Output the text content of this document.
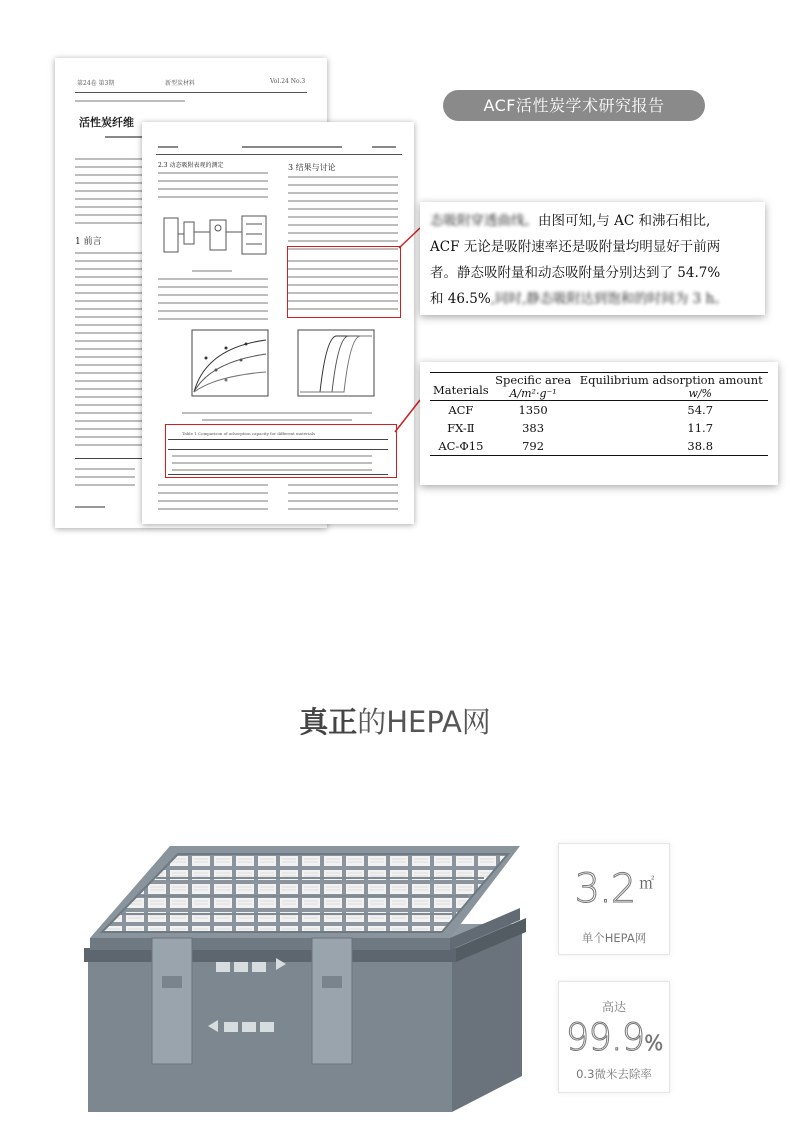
第24卷 第3期	新型炭材料	Vol.24 No.3
活性炭纤维
1 前言
2.3 动态吸附表观的测定	3 结果与讨论
Table 1 Comparison of adsorption capacity for different materials
ACF活性炭学术研究报告

态吸附穿透曲线。由图可知,与 AC 和沸石相比,

ACF 无论是吸附速率还是吸附量均明显好于前两

者。静态吸附量和动态吸附量分别达到了 54.7%

和 46.5%,同时,静态吸附达到饱和的时间为 3 h。

Materials	Specific area	Equilibrium adsorption amount
	A/m²·g⁻¹	w/%
ACF	1350	54.7
FX-Ⅱ	383	11.7
AC-Φ15	792	38.8
真正的HEPA网
3.2 ㎡
单个HEPA网
高达
99.9%
0.3微米去除率
